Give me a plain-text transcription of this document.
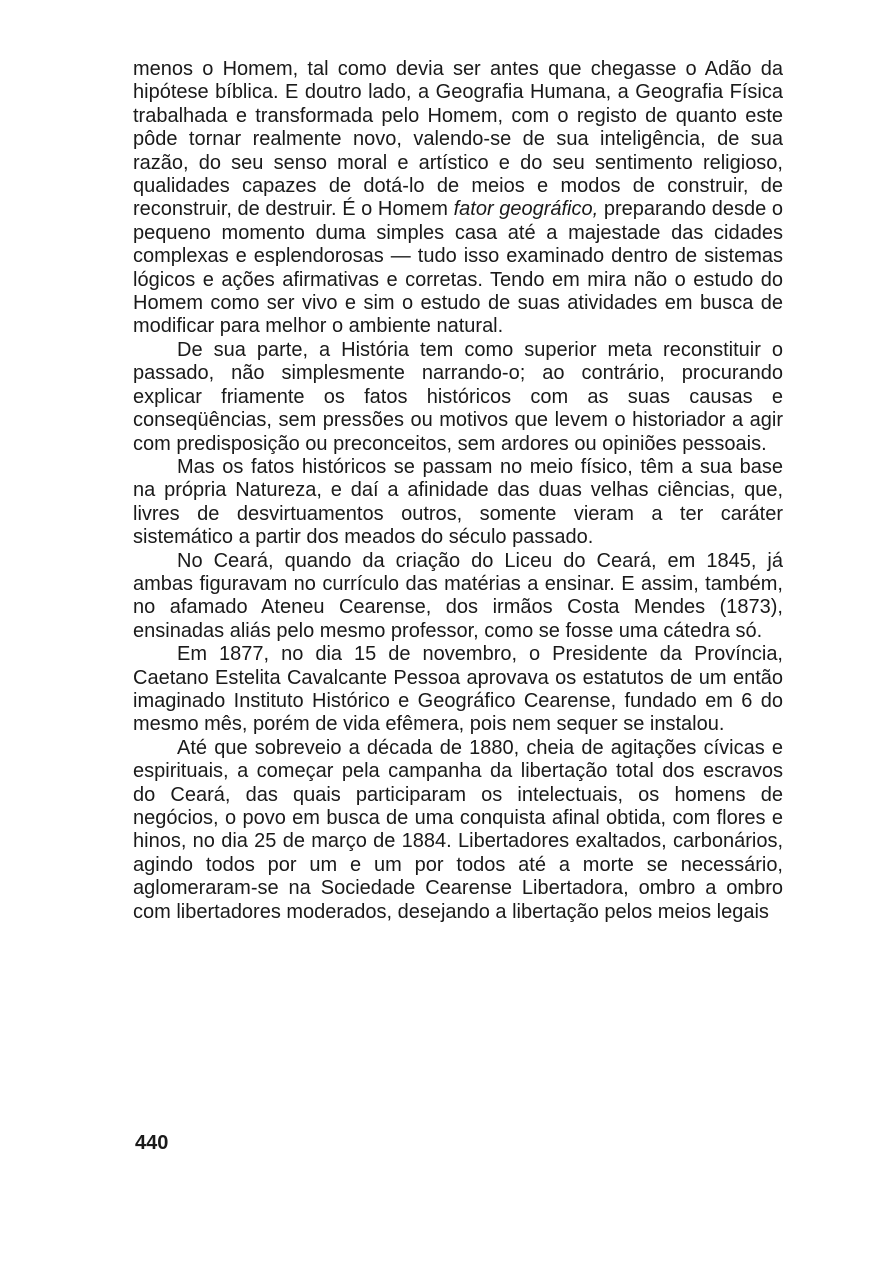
menos o Homem, tal como devia ser antes que chegasse o Adão da hipótese bíblica. E doutro lado, a Geografia Humana, a Geografia Física trabalhada e transformada pelo Homem, com o registo de quanto este pôde tornar realmente novo, valendo-se de sua inteligência, de sua razão, do seu senso moral e artístico e do seu sentimento religioso, qualidades capazes de dotá-lo de meios e modos de construir, de reconstruir, de destruir. É o Homem fator geográfico, preparando desde o pequeno momento duma simples casa até a majestade das cidades complexas e esplendorosas — tudo isso examinado dentro de sistemas lógicos e ações afirmativas e corretas. Tendo em mira não o estudo do Homem como ser vivo e sim o estudo de suas atividades em busca de modificar para melhor o ambiente natural.

De sua parte, a História tem como superior meta reconstituir o passado, não simplesmente narrando-o; ao contrário, procurando explicar friamente os fatos históricos com as suas causas e conseqüências, sem pressões ou motivos que levem o historiador a agir com predisposição ou preconceitos, sem ardores ou opiniões pessoais.

Mas os fatos históricos se passam no meio físico, têm a sua base na própria Natureza, e daí a afinidade das duas velhas ciências, que, livres de desvirtuamentos outros, somente vieram a ter caráter sistemático a partir dos meados do século passado.

No Ceará, quando da criação do Liceu do Ceará, em 1845, já ambas figuravam no currículo das matérias a ensinar. E assim, também, no afamado Ateneu Cearense, dos irmãos Costa Mendes (1873), ensinadas aliás pelo mesmo professor, como se fosse uma cátedra só.

Em 1877, no dia 15 de novembro, o Presidente da Província, Caetano Estelita Cavalcante Pessoa aprovava os estatutos de um então imaginado Instituto Histórico e Geográfico Cearense, fundado em 6 do mesmo mês, porém de vida efêmera, pois nem sequer se instalou.

Até que sobreveio a década de 1880, cheia de agitações cívicas e espirituais, a começar pela campanha da libertação total dos escravos do Ceará, das quais participaram os intelectuais, os homens de negócios, o povo em busca de uma conquista afinal obtida, com flores e hinos, no dia 25 de março de 1884. Libertadores exaltados, carbonários, agindo todos por um e um por todos até a morte se necessário, aglomeraram-se na Sociedade Cearense Libertadora, ombro a ombro com libertadores moderados, desejando a libertação pelos meios legais

440
